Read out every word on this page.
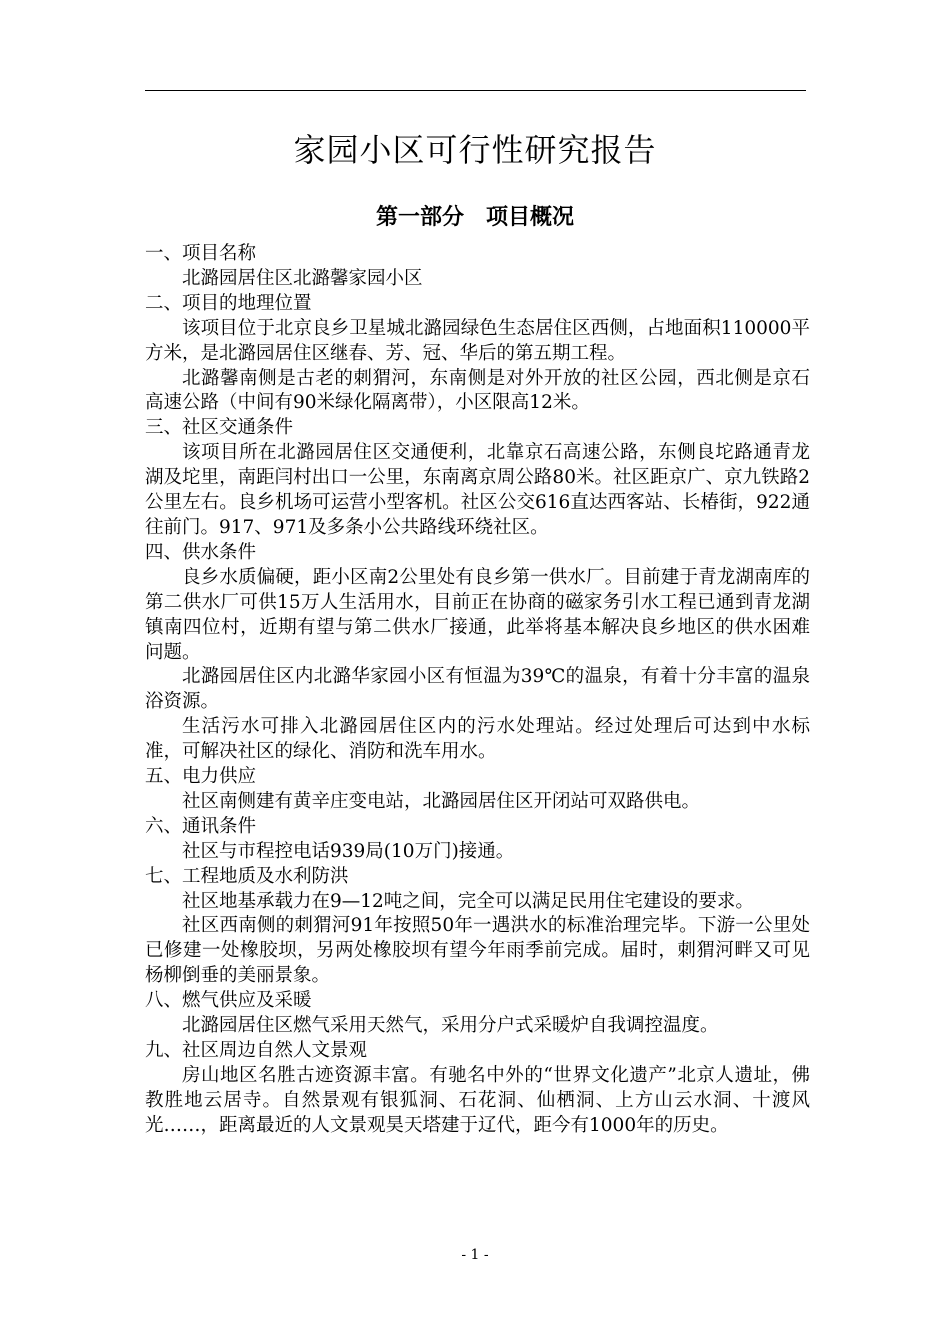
家园小区可行性研究报告
第一部分　项目概况

一、项目名称

北潞园居住区北潞馨家园小区

二、项目的地理位置

该项目位于北京良乡卫星城北潞园绿色生态居住区西侧，占地面积110000平方米，是北潞园居住区继春、芳、冠、华后的第五期工程。

北潞馨南侧是古老的刺猬河，东南侧是对外开放的社区公园，西北侧是京石高速公路（中间有90米绿化隔离带），小区限高12米。

三、社区交通条件

该项目所在北潞园居住区交通便利，北靠京石高速公路，东侧良坨路通青龙湖及坨里，南距闫村出口一公里，东南离京周公路80米。社区距京广、京九铁路2公里左右。良乡机场可运营小型客机。社区公交616直达西客站、长椿街，922通往前门。917、971及多条小公共路线环绕社区。

四、供水条件

良乡水质偏硬，距小区南2公里处有良乡第一供水厂。目前建于青龙湖南库的第二供水厂可供15万人生活用水，目前正在协商的磁家务引水工程已通到青龙湖镇南四位村，近期有望与第二供水厂接通，此举将基本解决良乡地区的供水困难问题。

北潞园居住区内北潞华家园小区有恒温为39℃的温泉，有着十分丰富的温泉浴资源。

生活污水可排入北潞园居住区内的污水处理站。经过处理后可达到中水标准，可解决社区的绿化、消防和洗车用水。

五、电力供应

社区南侧建有黄辛庄变电站，北潞园居住区开闭站可双路供电。

六、通讯条件

社区与市程控电话939局(10万门)接通。

七、工程地质及水利防洪

社区地基承载力在9—12吨之间，完全可以满足民用住宅建设的要求。

社区西南侧的刺猬河91年按照50年一遇洪水的标准治理完毕。下游一公里处已修建一处橡胶坝，另两处橡胶坝有望今年雨季前完成。届时，刺猬河畔又可见杨柳倒垂的美丽景象。

八、燃气供应及采暖

北潞园居住区燃气采用天然气，采用分户式采暖炉自我调控温度。

九、社区周边自然人文景观

房山地区名胜古迹资源丰富。有驰名中外的“世界文化遗产”北京人遗址，佛教胜地云居寺。自然景观有银狐洞、石花洞、仙栖洞、上方山云水洞、十渡风光……，距离最近的人文景观昊天塔建于辽代，距今有1000年的历史。

- 1 -
